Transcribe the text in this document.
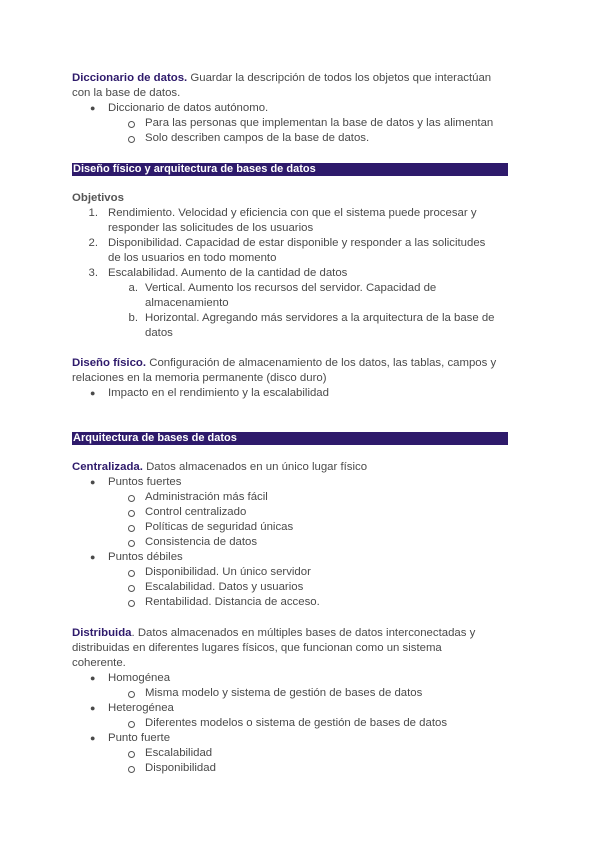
Diccionario de datos. Guardar la descripción de todos los objetos que interactúan
con la base de datos.
● Diccionario de datos autónomo.
Para las personas que implementan la base de datos y las alimentan
Solo describen campos de la base de datos.
Diseño físico y arquitectura de bases de datos
Objetivos
1. Rendimiento. Velocidad y eficiencia con que el sistema puede procesar y
responder las solicitudes de los usuarios
2. Disponibilidad. Capacidad de estar disponible y responder a las solicitudes
de los usuarios en todo momento
3. Escalabilidad. Aumento de la cantidad de datos
a. Vertical. Aumento los recursos del servidor. Capacidad de
almacenamiento
b. Horizontal. Agregando más servidores a la arquitectura de la base de
datos
Diseño físico. Configuración de almacenamiento de los datos, las tablas, campos y
relaciones en la memoria permanente (disco duro)
● Impacto en el rendimiento y la escalabilidad
Arquitectura de bases de datos
Centralizada. Datos almacenados en un único lugar físico
● Puntos fuertes
Administración más fácil
Control centralizado
Políticas de seguridad únicas
Consistencia de datos
● Puntos débiles
Disponibilidad. Un único servidor
Escalabilidad. Datos y usuarios
Rentabilidad. Distancia de acceso.
Distribuida. Datos almacenados en múltiples bases de datos interconectadas y
distribuidas en diferentes lugares físicos, que funcionan como un sistema
coherente.
● Homogénea
Misma modelo y sistema de gestión de bases de datos
● Heterogénea
Diferentes modelos o sistema de gestión de bases de datos
● Punto fuerte
Escalabilidad
Disponibilidad
